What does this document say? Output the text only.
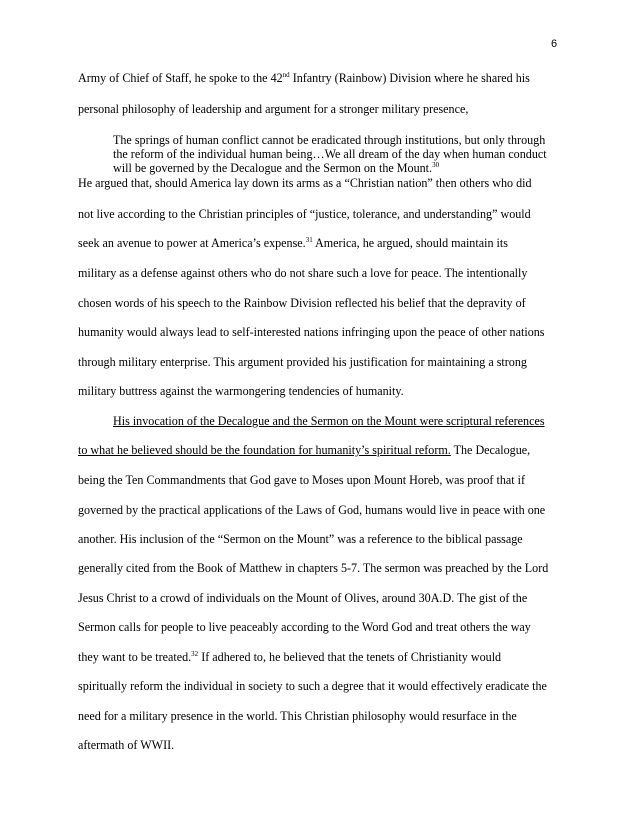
6
Army of Chief of Staff, he spoke to the 42nd Infantry (Rainbow) Division where he shared his
personal philosophy of leadership and argument for a stronger military presence,
The springs of human conflict cannot be eradicated through institutions, but only through
the reform of the individual human being…We all dream of the day when human conduct
will be governed by the Decalogue and the Sermon on the Mount.$^{30}$
He argued that, should America lay down its arms as a “Christian nation” then others who did
not live according to the Christian principles of “justice, tolerance, and understanding” would
seek an avenue to power at America’s expense.$^{31}$ America, he argued, should maintain its
military as a defense against others who do not share such a love for peace. The intentionally
chosen words of his speech to the Rainbow Division reflected his belief that the depravity of
humanity would always lead to self-interested nations infringing upon the peace of other nations
through military enterprise. This argument provided his justification for maintaining a strong
military buttress against the warmongering tendencies of humanity.
His invocation of the Decalogue and the Sermon on the Mount were scriptural references
to what he believed should be the foundation for humanity’s spiritual reform. The Decalogue,
being the Ten Commandments that God gave to Moses upon Mount Horeb, was proof that if
governed by the practical applications of the Laws of God, humans would live in peace with one
another. His inclusion of the “Sermon on the Mount” was a reference to the biblical passage
generally cited from the Book of Matthew in chapters 5-7. The sermon was preached by the Lord
Jesus Christ to a crowd of individuals on the Mount of Olives, around 30A.D. The gist of the
Sermon calls for people to live peaceably according to the Word God and treat others the way
they want to be treated.$^{32}$ If adhered to, he believed that the tenets of Christianity would
spiritually reform the individual in society to such a degree that it would effectively eradicate the
need for a military presence in the world. This Christian philosophy would resurface in the
aftermath of WWII.
